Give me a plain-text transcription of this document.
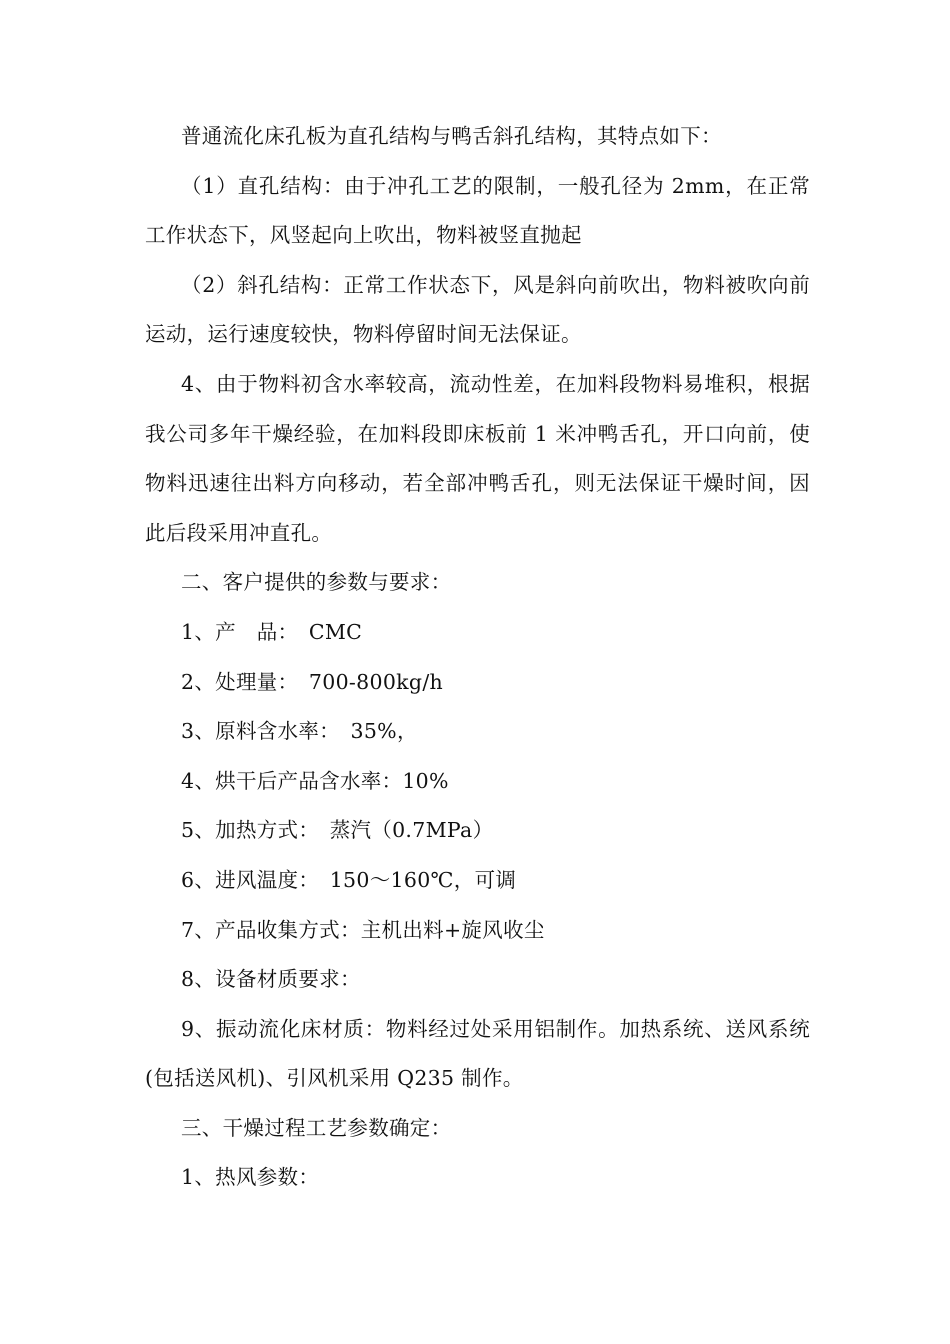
普通流化床孔板为直孔结构与鸭舌斜孔结构，其特点如下：

（1）直孔结构：由于冲孔工艺的限制，一般孔径为 2mm，在正常工作状态下，风竖起向上吹出，物料被竖直抛起

（2）斜孔结构：正常工作状态下，风是斜向前吹出，物料被吹向前运动，运行速度较快，物料停留时间无法保证。

4、由于物料初含水率较高，流动性差，在加料段物料易堆积，根据我公司多年干燥经验，在加料段即床板前 1 米冲鸭舌孔，开口向前，使物料迅速往出料方向移动，若全部冲鸭舌孔，则无法保证干燥时间，因此后段采用冲直孔。

二、客户提供的参数与要求：

1、产　品：　CMC

2、处理量：　700-800kg/h

3、原料含水率：　35%，

4、烘干后产品含水率：10%

5、加热方式：　蒸汽（0.7MPa）

6、进风温度：　150～160℃，可调

7、产品收集方式：主机出料+旋风收尘

8、设备材质要求：

9、振动流化床材质：物料经过处采用铝制作。加热系统、送风系统(包括送风机)、引风机采用 Q235 制作。

三、干燥过程工艺参数确定：

1、热风参数：
